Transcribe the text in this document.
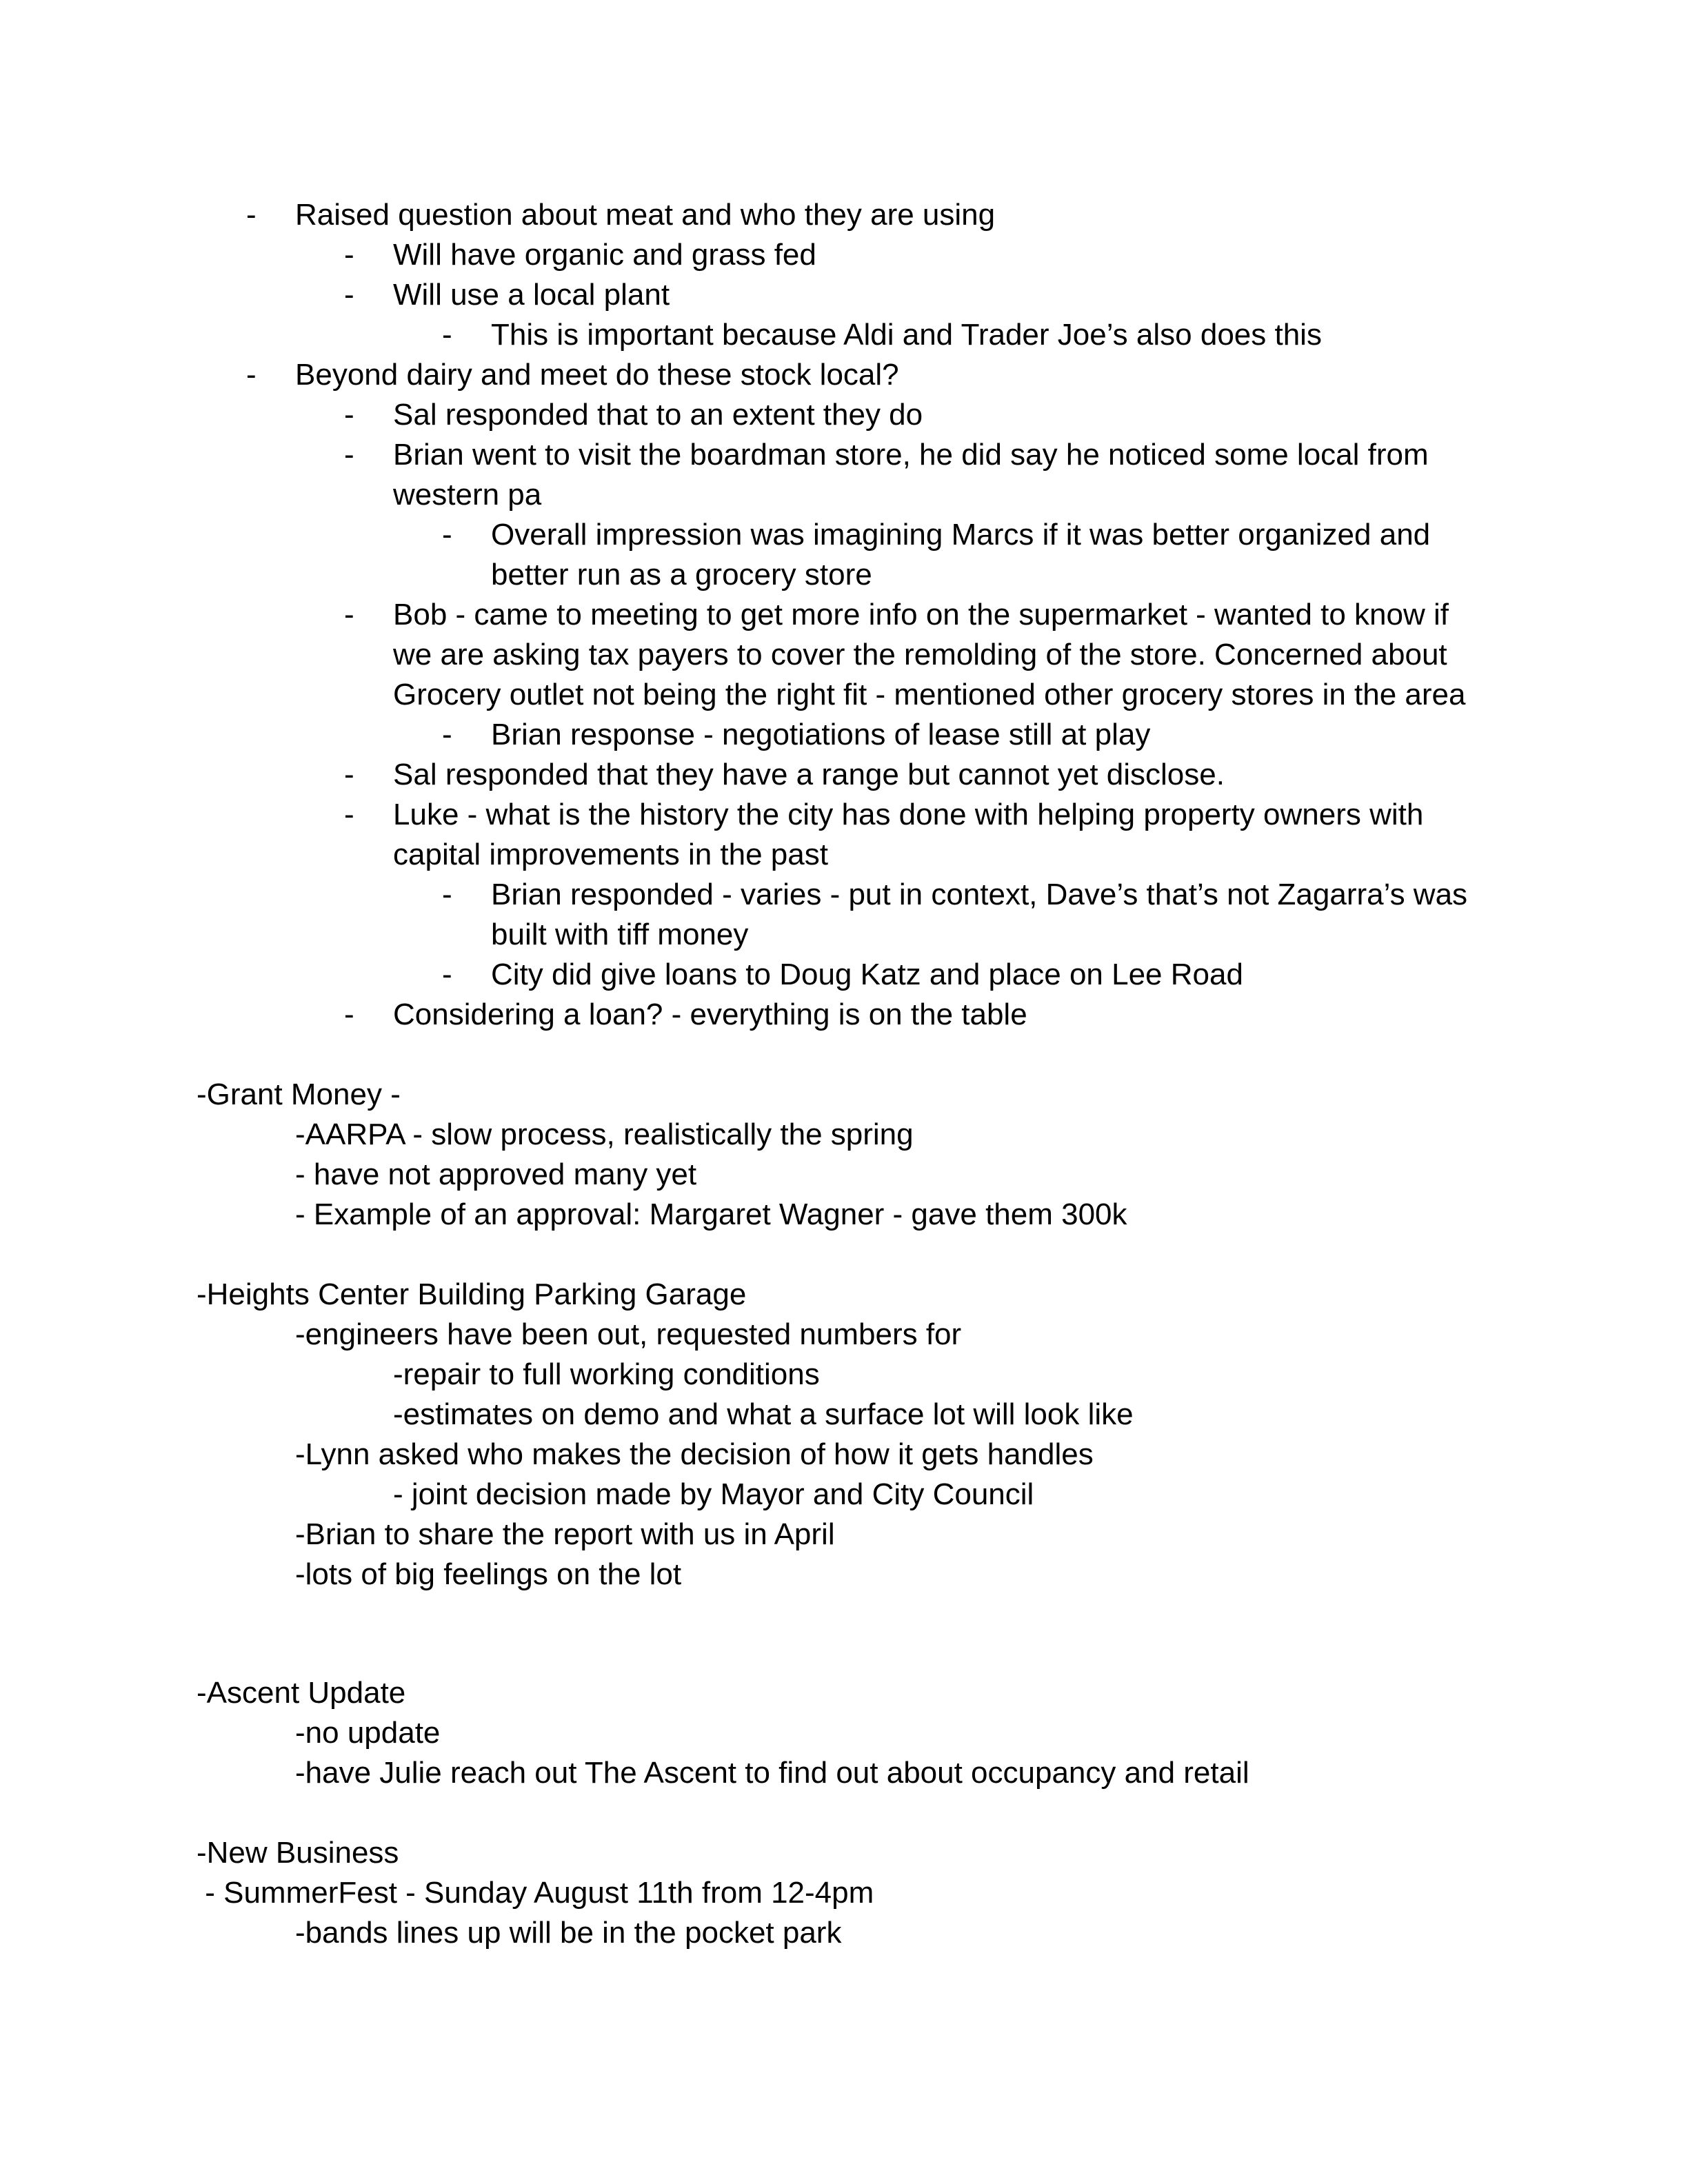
- Raised question about meat and who they are using
- Will have organic and grass fed
- Will use a local plant
- This is important because Aldi and Trader Joe’s also does this
- Beyond dairy and meet do these stock local?
- Sal responded that to an extent they do
- Brian went to visit the boardman store, he did say he noticed some local from
western pa
- Overall impression was imagining Marcs if it was better organized and
better run as a grocery store
- Bob - came to meeting to get more info on the supermarket - wanted to know if
we are asking tax payers to cover the remolding of the store. Concerned about
Grocery outlet not being the right fit - mentioned other grocery stores in the area
- Brian response - negotiations of lease still at play
- Sal responded that they have a range but cannot yet disclose.
- Luke - what is the history the city has done with helping property owners with
capital improvements in the past
- Brian responded - varies - put in context, Dave’s that’s not Zagarra’s was
built with tiff money
- City did give loans to Doug Katz and place on Lee Road
- Considering a loan? - everything is on the table
-Grant Money -
-AARPA - slow process, realistically the spring
- have not approved many yet
- Example of an approval: Margaret Wagner - gave them 300k
-Heights Center Building Parking Garage
-engineers have been out, requested numbers for
-repair to full working conditions
-estimates on demo and what a surface lot will look like
-Lynn asked who makes the decision of how it gets handles
- joint decision made by Mayor and City Council
-Brian to share the report with us in April
-lots of big feelings on the lot
-Ascent Update
-no update
-have Julie reach out The Ascent to find out about occupancy and retail
-New Business
- SummerFest - Sunday August 11th from 12-4pm
-bands lines up will be in the pocket park
